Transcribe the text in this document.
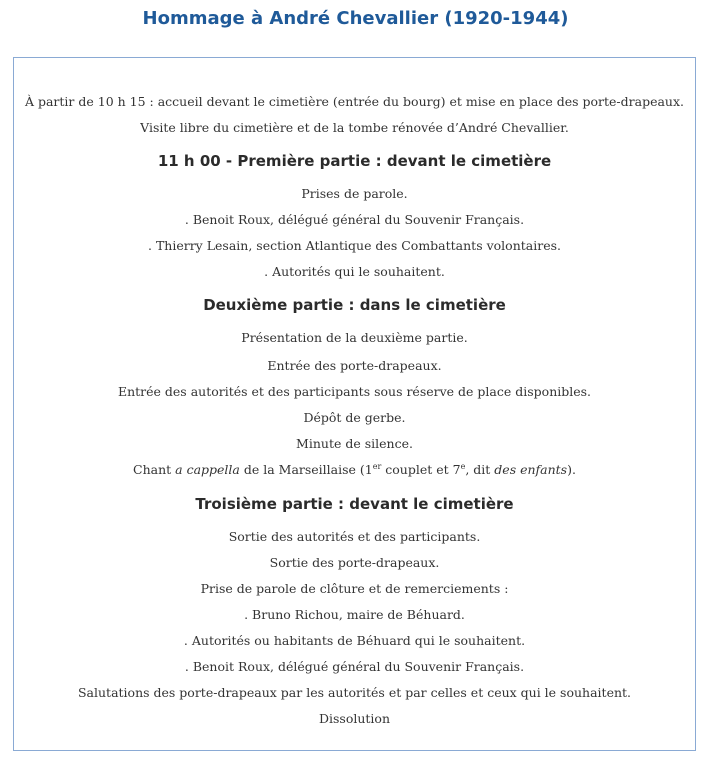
Hommage à André Chevallier (1920-1944)
À partir de 10 h 15 : accueil devant le cimetière (entrée du bourg) et mise en place des porte-drapeaux.
Visite libre du cimetière et de la tombe rénovée d’André Chevallier.
11 h 00 - Première partie : devant le cimetière
Prises de parole.
. Benoit Roux, délégué général du Souvenir Français.
. Thierry Lesain, section Atlantique des Combattants volontaires.
. Autorités qui le souhaitent.
Deuxième partie : dans le cimetière
Présentation de la deuxième partie.
Entrée des porte-drapeaux.
Entrée des autorités et des participants sous réserve de place disponibles.
Dépôt de gerbe.
Minute de silence.
Chant a cappella de la Marseillaise (1er couplet et 7e, dit des enfants).
Troisième partie : devant le cimetière
Sortie des autorités et des participants.
Sortie des porte-drapeaux.
Prise de parole de clôture et de remerciements :
. Bruno Richou, maire de Béhuard.
. Autorités ou habitants de Béhuard qui le souhaitent.
. Benoit Roux, délégué général du Souvenir Français.
Salutations des porte-drapeaux par les autorités et par celles et ceux qui le souhaitent.
Dissolution
